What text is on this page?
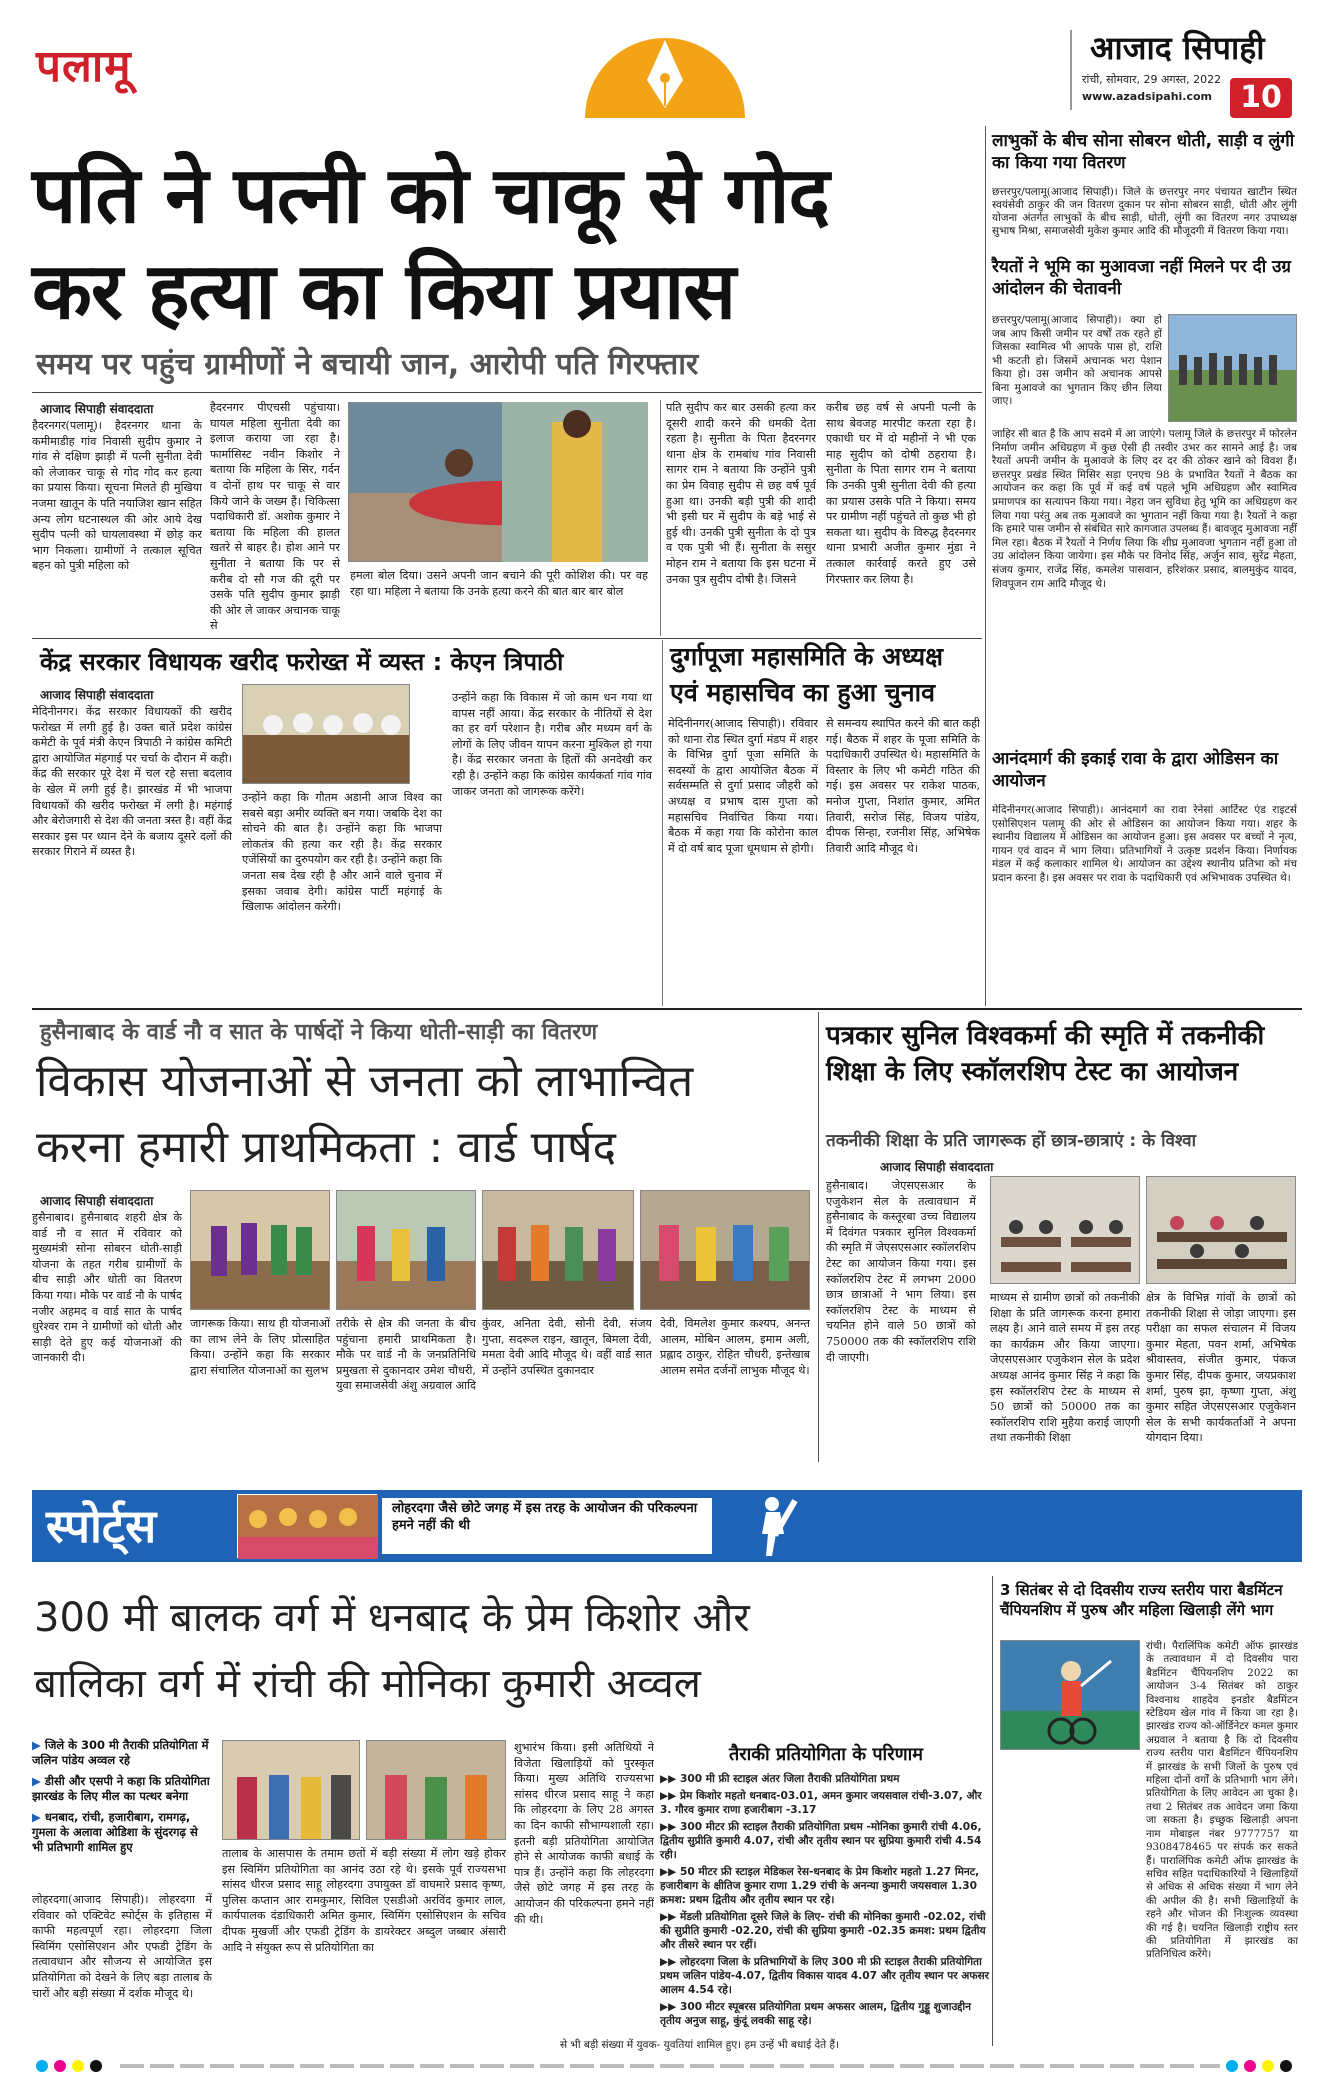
पलामू	आजाद सिपाही
रांची, सोमवार, 29 अगस्त, 2022
www.azadsipahi.com 10
पति ने पत्नी को चाकू से गोद
कर हत्या का किया प्रयास
समय पर पहुंच ग्रामीणों ने बचायी जान, आरोपी पति गिरफ्तार
आजाद सिपाही संवाददाता
हैदरनगर(पलामू)। हैदरनगर थाना के कमीमाडीह गांव निवासी सुदीप कुमार ने गांव से दक्षिण झाड़ी में पत्नी सुनीता देवी को लेजाकर चाकू से गोद गोद कर हत्या का प्रयास किया। सूचना मिलते ही मुखिया नजमा खातून के पति नयाजिश खान सहित अन्य लोग घटनास्थल की ओर आये देख सुदीप पत्नी को घायलावस्था में छोड़ कर भाग निकला। ग्रामीणों ने तत्काल सूचित बहन को पुत्री महिला को
हैदरनगर पीएचसी पहुंचाया। घायल महिला सुनीता देवी का इलाज कराया जा रहा है। फार्मासिस्ट नवीन किशोर ने बताया कि महिला के सिर, गर्दन व दोनों हाथ पर चाकू से वार किये जाने के जख्म हैं। चिकित्सा पदाधिकारी डॉ. अशोक कुमार ने बताया कि महिला की हालत खतरे से बाहर है। होश आने पर सुनीता ने बताया कि पर से करीब दो सौ गज की दूरी पर उसके पति सुदीप कुमार झाड़ी की ओर ले जाकर अचानक चाकू से
हमला बोल दिया। उसने अपनी जान बचाने की पूरी कोशिश की। पर वह रहा था। महिला ने बताया कि उनके हत्या करने की बात बार बार बोल
पति सुदीप कर बार उसकी हत्या कर दूसरी शादी करने की धमकी देता रहता है। सुनीता के पिता हैदरनगर थाना क्षेत्र के रामबांध गांव निवासी सागर राम ने बताया कि उन्होंने पुत्री का प्रेम विवाह सुदीप से छह वर्ष पूर्व हुआ था। उनकी बड़ी पुत्री की शादी भी इसी घर में सुदीप के बड़े भाई से हुई थी। उनकी पुत्री सुनीता के दो पुत्र व एक पुत्री भी हैं। सुनीता के ससुर मोहन राम ने बताया कि इस घटना में उनका पुत्र सुदीप दोषी है। जिसने
करीब छह वर्ष से अपनी पत्नी के साथ बेवजह मारपीट करता रहा है। एकाधी घर में दो महीनों ने भी एक माह सुदीप को दोषी ठहराया है। सुनीता के पिता सागर राम ने बताया कि उनकी पुत्री सुनीता देवी की हत्या का प्रयास उसके पति ने किया। समय पर ग्रामीण नहीं पहुंचते तो कुछ भी हो सकता था। सुदीप के विरुद्ध हैदरनगर थाना प्रभारी अजीत कुमार मुंडा ने तत्काल कार्रवाई करते हुए उसे गिरफ्तार कर लिया है।
लाभुकों के बीच सोना सोबरन धोती, साड़ी व लुंगी का किया गया वितरण
छत्तरपुर/पलामू(आजाद सिपाही)। जिले के छत्तरपुर नगर पंचायत खाटीन स्थित स्वयंसेवी ठाकुर की जन वितरण दुकान पर सोना सोबरन साड़ी, धोती और लुंगी योजना अंतर्गत लाभुकों के बीच साड़ी, धोती, लुंगी का वितरण नगर उपाध्यक्ष सुभाष मिश्रा, समाजसेवी मुकेश कुमार आदि की मौजूदगी में वितरण किया गया।
रैयतों ने भूमि का मुआवजा नहीं मिलने पर दी उग्र आंदोलन की चेतावनी
छत्तरपुर/पलामू(आजाद सिपाही)। क्या हो जब आप किसी जमीन पर वर्षों तक रहते हों जिसका स्वामित्व भी आपके पास हो, राशि भी कटती हो। जिसमें अचानक भरा पेशान किया हो। उस जमीन को अचानक आपसे बिना मुआवजे का भुगतान किए छीन लिया जाए।
जाहिर सी बात है कि आप सदमे में आ जाएंगे। पलामू जिले के छत्तरपुर में फोरलेन निर्माण जमीन अधिग्रहण में कुछ ऐसी ही तस्वीर उभर कर सामने आई है। जब रैयतों अपनी जमीन के मुआवजे के लिए दर दर की ठोकर खाने को विवश हैं। छत्तरपुर प्रखंड स्थित मिसिर सड़ा एनएच 98 के प्रभावित रैयतों ने बैठक का आयोजन कर कहा कि पूर्व में कई वर्ष पहले भूमि अधिग्रहण और स्वामित्व प्रमाणपत्र का सत्यापन किया गया। नेहरा जन सुविधा हेतु भूमि का अधिग्रहण कर लिया गया परंतु अब तक मुआवजे का भुगतान नहीं किया गया है। रैयतों ने कहा कि हमारे पास जमीन से संबंधित सारे कागजात उपलब्ध हैं। बावजूद मुआवजा नहीं मिल रहा। बैठक में रैयतों ने निर्णय लिया कि शीघ्र मुआवजा भुगतान नहीं हुआ तो उग्र आंदोलन किया जायेगा। इस मौके पर विनोद सिंह, अर्जुन साव, सुरेंद्र मेहता, संजय कुमार, राजेंद्र सिंह, कमलेश पासवान, हरिशंकर प्रसाद, बालमुकुंद यादव, शिवपूजन राम आदि मौजूद थे।
आनंदमार्ग की इकाई रावा के द्वारा ओडिसन का आयोजन
मेदिनीनगर(आजाद सिपाही)। आनंदमार्ग का रावा रेनेसां आर्टिस्ट एंड राइटर्स एसोसिएशन पलामू की ओर से ओडिसन का आयोजन किया गया। शहर के स्थानीय विद्यालय में ओडिसन का आयोजन हुआ। इस अवसर पर बच्चों ने नृत्य, गायन एवं वादन में भाग लिया। प्रतिभागियों ने उत्कृष्ट प्रदर्शन किया। निर्णायक मंडल में कई कलाकार शामिल थे। आयोजन का उद्देश्य स्थानीय प्रतिभा को मंच प्रदान करना है। इस अवसर पर रावा के पदाधिकारी एवं अभिभावक उपस्थित थे।
केंद्र सरकार विधायक खरीद फरोख्त में व्यस्त : केएन त्रिपाठी
आजाद सिपाही संवाददाता
मेदिनीनगर। केंद्र सरकार विधायकों की खरीद फरोख्त में लगी हुई है। उक्त बातें प्रदेश कांग्रेस कमेटी के पूर्व मंत्री केएन त्रिपाठी ने कांग्रेस कमिटी द्वारा आयोजित मंहगाई पर चर्चा के दौरान में कही। केंद्र की सरकार पूरे देश में चल रहे सत्ता बदलाव के खेल में लगी हुई है। झारखंड में भी भाजपा विधायकों की खरीद फरोख्त में लगी है। महंगाई और बेरोजगारी से देश की जनता त्रस्त है। वहीं केंद्र सरकार इस पर ध्यान देने के बजाय दूसरे दलों की सरकार गिराने में व्यस्त है।
उन्होंने कहा कि गौतम अडानी आज विश्व का सबसे बड़ा अमीर व्यक्ति बन गया। जबकि देश का सोचने की बात है। उन्होंने कहा कि भाजपा लोकतंत्र की हत्या कर रही है। केंद्र सरकार एजेंसियों का दुरुपयोग कर रही है। उन्होंने कहा कि जनता सब देख रही है और आने वाले चुनाव में इसका जवाब देगी। कांग्रेस पार्टी महंगाई के खिलाफ आंदोलन करेगी।
उन्होंने कहा कि विकास में जो काम धन गया था वापस नहीं आया। केंद्र सरकार के नीतियों से देश का हर वर्ग परेशान है। गरीब और मध्यम वर्ग के लोगों के लिए जीवन यापन करना मुश्किल हो गया है। केंद्र सरकार जनता के हितों की अनदेखी कर रही है। उन्होंने कहा कि कांग्रेस कार्यकर्ता गांव गांव जाकर जनता को जागरूक करेंगे।
दुर्गापूजा महासमिति के अध्यक्ष
एवं महासचिव का हुआ चुनाव
मेदिनीनगर(आजाद सिपाही)। रविवार को थाना रोड स्थित दुर्गा मंडप में शहर के विभिन्न दुर्गा पूजा समिति के सदस्यों के द्वारा आयोजित बैठक में सर्वसम्मति से दुर्गा प्रसाद जौहरी को अध्यक्ष व प्रभाष दास गुप्ता को महासचिव निर्वाचित किया गया। बैठक में कहा गया कि कोरोना काल में दो वर्ष बाद पूजा धूमधाम से होगी।
से समन्वय स्थापित करने की बात कही गई। बैठक में शहर के पूजा समिति के पदाधिकारी उपस्थित थे। महासमिति के विस्तार के लिए भी कमेटी गठित की गई। इस अवसर पर राकेश पाठक, मनोज गुप्ता, निशांत कुमार, अमित तिवारी, सरोज सिंह, विजय पांडेय, दीपक सिन्हा, रजनीश सिंह, अभिषेक तिवारी आदि मौजूद थे।
हुसैनाबाद के वार्ड नौ व सात के पार्षदों ने किया धोती-साड़ी का वितरण
विकास योजनाओं से जनता को लाभान्वित
करना हमारी प्राथमिकता : वार्ड पार्षद
आजाद सिपाही संवाददाता
हुसैनाबाद। हुसैनाबाद शहरी क्षेत्र के वार्ड नौ व सात में रविवार को मुख्यमंत्री सोना सोबरन धोती-साड़ी योजना के तहत गरीब ग्रामीणों के बीच साड़ी और धोती का वितरण किया गया। मौके पर वार्ड नौ के पार्षद नजीर अहमद व वार्ड सात के पार्षद धुरेश्वर राम ने ग्रामीणों को धोती और साड़ी देते हुए कई योजनाओं की जानकारी दी।
जागरूक किया। साथ ही योजनाओं का लाभ लेने के लिए प्रोत्साहित किया। उन्होंने कहा कि सरकार द्वारा संचालित योजनाओं का सुलभ
तरीके से क्षेत्र की जनता के बीच पहुंचाना हमारी प्राथमिकता है। मौके पर वार्ड नौ के जनप्रतिनिधि प्रमुखता से दुकानदार उमेश चौधरी, युवा समाजसेवी अंशु अग्रवाल आदि
कुंवर, अनिता देवी, सोनी देवी, संजय गुप्ता, सदरूल राइन, खातून, बिमला देवी, ममता देवी आदि मौजूद थे। वहीं वार्ड सात में उन्होंने उपस्थित दुकानदार
देवी, विमलेश कुमार कश्यप, अनन्त आलम, मोबिन आलम, इमाम अली, प्रह्लाद ठाकुर, रोहित चौधरी, इन्तेखाब आलम समेत दर्जनों लाभुक मौजूद थे।
पत्रकार सुनिल विश्वकर्मा की स्मृति में तकनीकी शिक्षा के लिए स्कॉलरशिप टेस्ट का आयोजन
तकनीकी शिक्षा के प्रति जागरूक हों छात्र-छात्राएं : के विश्वा
आजाद सिपाही संवाददाता
हुसैनाबाद। जेएसएसआर के एजुकेशन सेल के तत्वावधान में हुसैनाबाद के कस्तूरबा उच्च विद्यालय में दिवंगत पत्रकार सुनिल विश्वकर्मा की स्मृति में जेएसएसआर स्कॉलरशिप टेस्ट का आयोजन किया गया। इस स्कॉलरशिप टेस्ट में लगभग 2000 छात्र छात्राओं ने भाग लिया। इस स्कॉलरशिप टेस्ट के माध्यम से चयनित होने वाले 50 छात्रों को 750000 तक की स्कॉलरशिप राशि दी जाएगी।
माध्यम से ग्रामीण छात्रों को तकनीकी शिक्षा के प्रति जागरूक करना हमारा लक्ष्य है। आने वाले समय में इस तरह का कार्यक्रम और किया जाएगा। जेएसएसआर एजुकेशन सेल के प्रदेश अध्यक्ष आनंद कुमार सिंह ने कहा कि इस स्कॉलरशिप टेस्ट के माध्यम से 50 छात्रों को 50000 तक का स्कॉलरशिप राशि मुहैया कराई जाएगी तथा तकनीकी शिक्षा
क्षेत्र के विभिन्न गांवों के छात्रों को तकनीकी शिक्षा से जोड़ा जाएगा। इस परीक्षा का सफल संचालन में विजय कुमार मेहता, पवन शर्मा, अभिषेक श्रीवास्तव, संजीत कुमार, पंकज कुमार सिंह, दीपक कुमार, जयप्रकाश शर्मा, पुरुष झा, कृष्णा गुप्ता, अंशु कुमार सहित जेएसएसआर एजुकेशन सेल के सभी कार्यकर्ताओं ने अपना योगदान दिया।
स्पोर्ट्स	लोहरदगा जैसे छोटे जगह में इस तरह के आयोजन की परिकल्पना हमने नहीं की थी
300 मी बालक वर्ग में धनबाद के प्रेम किशोर और
बालिका वर्ग में रांची की मोनिका कुमारी अव्वल
▶ जिले के 300 मी तैराकी प्रतियोगिता में जलिन पांडेय अव्वल रहे
▶ डीसी और एसपी ने कहा कि प्रतियोगिता झारखंड के लिए मील का पत्थर बनेगा
▶ धनबाद, रांची, हजारीबाग, रामगढ़, गुमला के अलावा ओडिशा के सुंदरगढ़ से भी प्रतिभागी शामिल हुए
लोहरदगा(आजाद सिपाही)। लोहरदगा में रविवार को एक्टिवेट स्पोर्ट्स के इतिहास में काफी महत्वपूर्ण रहा। लोहरदगा जिला स्विमिंग एसोसिएशन और एफडी ट्रेडिंग के तत्वावधान और सौजन्य से आयोजित इस प्रतियोगिता को देखने के लिए बड़ा तालाब के चारों और बड़ी संख्या में दर्शक मौजूद थे।
तालाब के आसपास के तमाम छतों में बड़ी संख्या में लोग खड़े होकर इस स्विमिंग प्रतियोगिता का आनंद उठा रहे थे। इसके पूर्व राज्यसभा सांसद धीरज प्रसाद साहू लोहरदगा उपायुक्त डॉ वाघमारे प्रसाद कृष्ण, पुलिस कप्तान आर रामकुमार, सिविल एसडीओ अरविंद कुमार लाल, कार्यपालक दंडाधिकारी अमित कुमार, स्विमिंग एसोसिएशन के सचिव दीपक मुखर्जी और एफडी ट्रेडिंग के डायरेक्टर अब्दुल जब्बार अंसारी आदि ने संयुक्त रूप से प्रतियोगिता का
शुभारंभ किया। इसी अतिथियों ने विजेता खिलाड़ियों को पुरस्कृत किया। मुख्य अतिथि राज्यसभा सांसद धीरज प्रसाद साहू ने कहा कि लोहरदगा के लिए 28 अगस्त का दिन काफी सौभाग्यशाली रहा। इतनी बड़ी प्रतियोगिता आयोजित होने से आयोजक काफी बधाई के पात्र हैं। उन्होंने कहा कि लोहरदगा जैसे छोटे जगह में इस तरह के आयोजन की परिकल्पना हमने नहीं की थी।
तैराकी प्रतियोगिता के परिणाम
▶▶ 300 मी फ्री स्टाइल अंतर जिला तैराकी प्रतियोगिता प्रथम
▶▶ प्रेम किशोर महतो धनबाद-03.01, अमन कुमार जयसवाल रांची-3.07, और 3. गौरव कुमार राणा हजारीबाग -3.17
▶▶ 300 मीटर फ्री स्टाइल तैराकी प्रतियोगिता प्रथम -मोनिका कुमारी रांची 4.06, द्वितीय सुप्रीति कुमारी 4.07, रांची और तृतीय स्थान पर सुप्रिया कुमारी रांची 4.54 रही।
▶▶ 50 मीटर फ्री स्टाइल मेडिकल रेस-धनबाद के प्रेम किशोर महतो 1.27 मिनट, हजारीबाग के क्षीतिज कुमार राणा 1.29 रांची के अनन्या कुमारी जयसवाल 1.30 क्रमश: प्रथम द्वितीय और तृतीय स्थान पर रहे।
▶▶ मेंडली प्रतियोगिता दूसरे जिले के लिए- रांची की मोनिका कुमारी -02.02, रांची की सुप्रीति कुमारी -02.20, रांची की सुप्रिया कुमारी -02.35 क्रमश: प्रथम द्वितीय और तीसरे स्थान पर रहीं।
▶▶ लोहरदगा जिला के प्रतिभागियों के लिए 300 मी फ्री स्टाइल तैराकी प्रतियोगिता प्रथम जलिन पांडेय-4.07, द्वितीय विकास यादव 4.07 और तृतीय स्थान पर अफसर आलम 4.54 रहे।
▶▶ 300 मीटर स्पूबरस प्रतियोगिता प्रथम अफसर आलम, द्वितीय गुड्डू शुजाउद्दीन तृतीय अनुज साहू, कुंदूं लवकी साहू रहे।
से भी बड़ी संख्या में युवक- युवतियां शामिल हुए। हम उन्हें भी बधाई देते हैं।
3 सितंबर से दो दिवसीय राज्य स्तरीय पारा बैडमिंटन चैंपियनशिप में पुरुष और महिला खिलाड़ी लेंगे भाग
रांची। पैरालिंपिक कमेटी ऑफ झारखंड के तत्वावधान में दो दिवसीय पारा बैडमिंटन चैंपियनशिप 2022 का आयोजन 3-4 सितंबर को ठाकुर विश्वनाथ शाहदेव इनडोर बैडमिंटन स्टेडियम खेल गांव में किया जा रहा है। झारखंड राज्य को-ऑर्डिनेटर कमल कुमार अग्रवाल ने बताया है कि दो दिवसीय राज्य स्तरीय पारा बैडमिंटन चैंपियनशिप में झारखंड के सभी जिलों के पुरुष एवं महिला दोनों वर्गों के प्रतिभागी भाग लेंगे। प्रतियोगिता के लिए आवेदन आ चुका है। तथा 2 सितंबर तक आवेदन जमा किया जा सकता है। इच्छुक खिलाड़ी अपना नाम मोबाइल नंबर 9777757 या 9308478465 पर संपर्क कर सकते हैं। पारालिंपिक कमेटी ऑफ झारखंड के सचिव सहित पदाधिकारियों ने खिलाड़ियों से अधिक से अधिक संख्या में भाग लेने की अपील की है। सभी खिलाड़ियों के रहने और भोजन की निःशुल्क व्यवस्था की गई है। चयनित खिलाड़ी राष्ट्रीय स्तर की प्रतियोगिता में झारखंड का प्रतिनिधित्व करेंगे।
